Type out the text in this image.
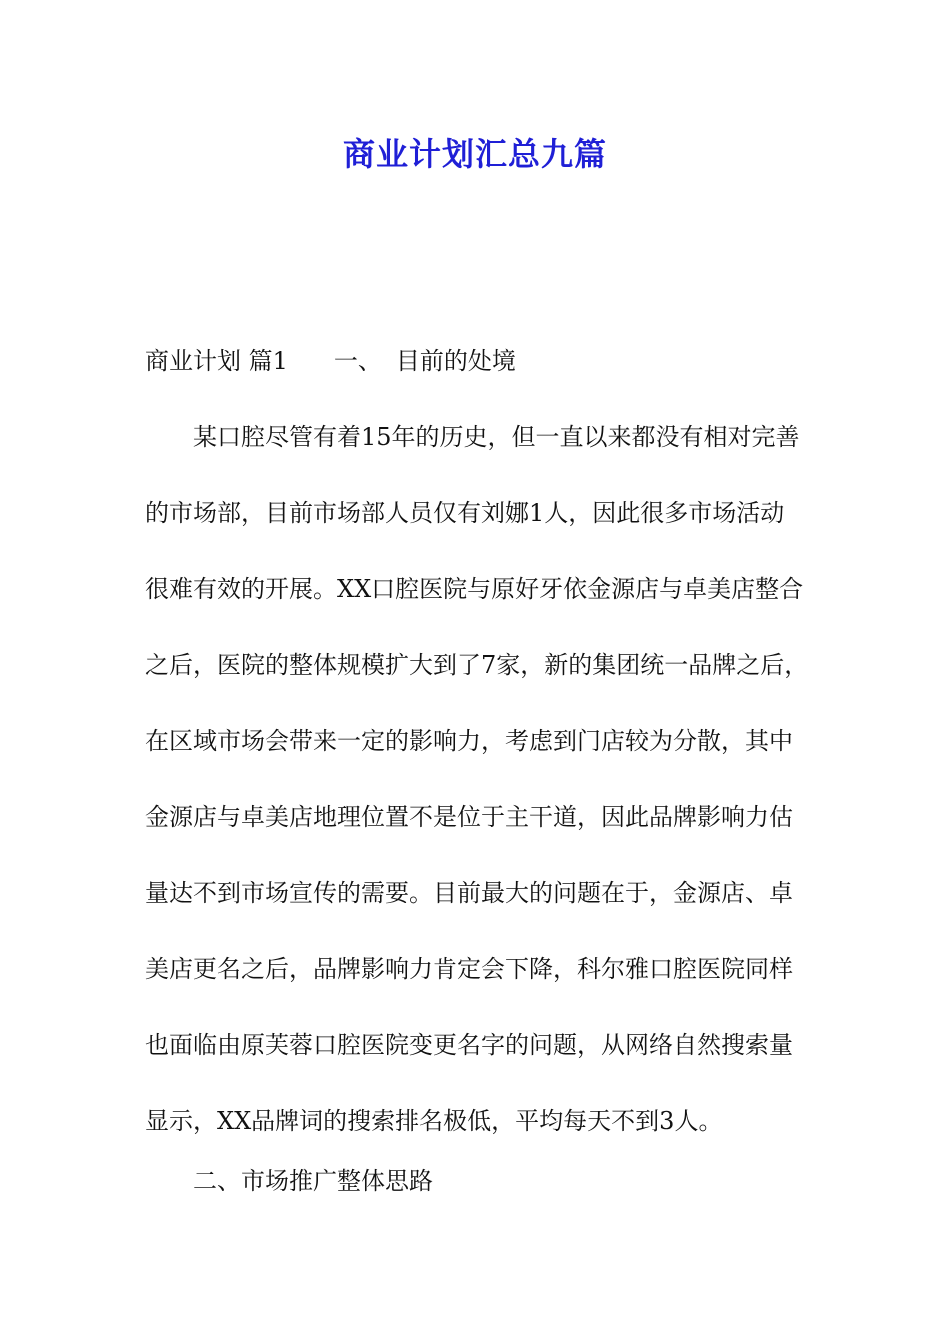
商业计划汇总九篇
商业计划 篇1 一、 目前的处境
某口腔尽管有着15年的历史，但一直以来都没有相对完善
的市场部，目前市场部人员仅有刘娜1人，因此很多市场活动
很难有效的开展。XX口腔医院与原好牙依金源店与卓美店整合
之后，医院的整体规模扩大到了7家，新的集团统一品牌之后，
在区域市场会带来一定的影响力，考虑到门店较为分散，其中
金源店与卓美店地理位置不是位于主干道，因此品牌影响力估
量达不到市场宣传的需要。目前最大的问题在于，金源店、卓
美店更名之后，品牌影响力肯定会下降，科尔雅口腔医院同样
也面临由原芙蓉口腔医院变更名字的问题，从网络自然搜索量
显示，XX品牌词的搜索排名极低，平均每天不到3人。
二、市场推广整体思路
